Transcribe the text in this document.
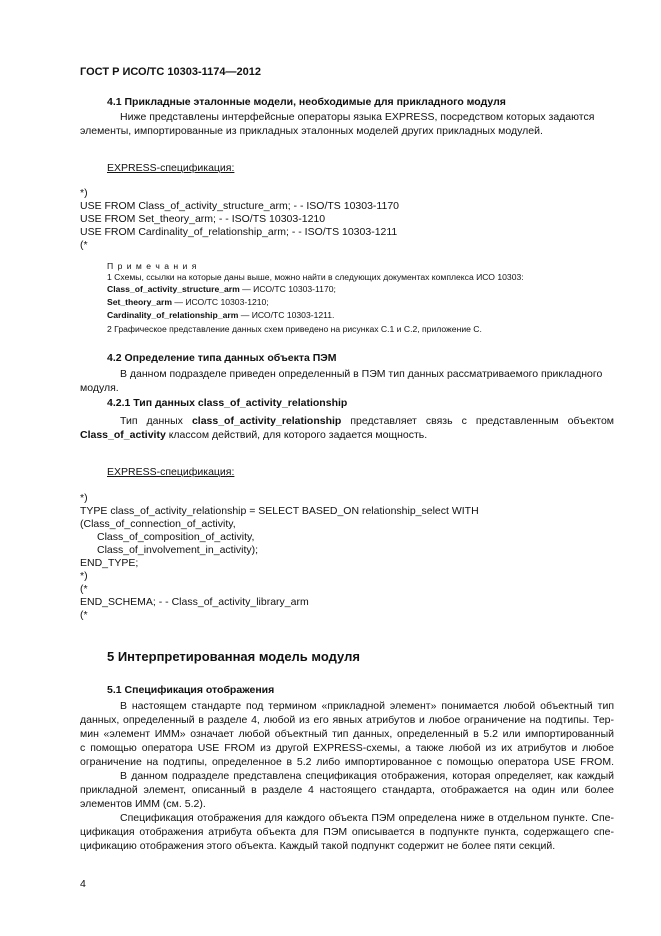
ГОСТ Р ИСО/ТС 10303-1174—2012
4.1 Прикладные эталонные модели, необходимые для прикладного модуля
Ниже представлены интерфейсные операторы языка EXPRESS, посредством которых задаются
элементы, импортированные из прикладных эталонных моделей других прикладных модулей.
EXPRESS-спецификация:
*)
USE FROM Class_of_activity_structure_arm; - - ISO/TS 10303-1170
USE FROM Set_theory_arm; - - ISO/TS 10303-1210
USE FROM Cardinality_of_relationship_arm; - - ISO/TS 10303-1211
(*
П р и м е ч а н и я
1 Схемы, ссылки на которые даны выше, можно найти в следующих документах комплекса ИСО 10303:
Class_of_activity_structure_arm — ИСО/ТС 10303-1170;
Set_theory_arm — ИСО/ТС 10303-1210;
Cardinality_of_relationship_arm — ИСО/ТС 10303-1211.
2 Графическое представление данных схем приведено на рисунках С.1 и С.2, приложение С.
4.2 Определение типа данных объекта ПЭМ
В данном подразделе приведен определенный в ПЭМ тип данных рассматриваемого прикладного
модуля.
4.2.1 Тип данных class_of_activity_relationship
Тип данных class_of_activity_relationship представляет связь с представленным объектом
Class_of_activity классом действий, для которого задается мощность.
EXPRESS-спецификация:
*)
TYPE class_of_activity_relationship = SELECT BASED_ON relationship_select WITH
(Class_of_connection_of_activity,
Class_of_composition_of_activity,
Class_of_involvement_in_activity);
END_TYPE;
*)
(*
END_SCHEMA; - - Class_of_activity_library_arm
(*
5 Интерпретированная модель модуля
5.1 Спецификация отображения
В настоящем стандарте под термином «прикладной элемент» понимается любой объектный тип
данных, определенный в разделе 4, любой из его явных атрибутов и любое ограничение на подтипы. Тер-
мин «элемент ИММ» означает любой объектный тип данных, определенный в 5.2 или импортированный
с помощью оператора USE FROM из другой EXPRESS-схемы, а также любой из их атрибутов и любое
ограничение на подтипы, определенное в 5.2 либо импортированное с помощью оператора USE FROM.
В данном подразделе представлена спецификация отображения, которая определяет, как каждый
прикладной элемент, описанный в разделе 4 настоящего стандарта, отображается на один или более
элементов ИММ (см. 5.2).
Спецификация отображения для каждого объекта ПЭМ определена ниже в отдельном пункте. Спе-
цификация отображения атрибута объекта для ПЭМ описывается в подпункте пункта, содержащего спе-
цификацию отображения этого объекта. Каждый такой подпункт содержит не более пяти секций.
4
